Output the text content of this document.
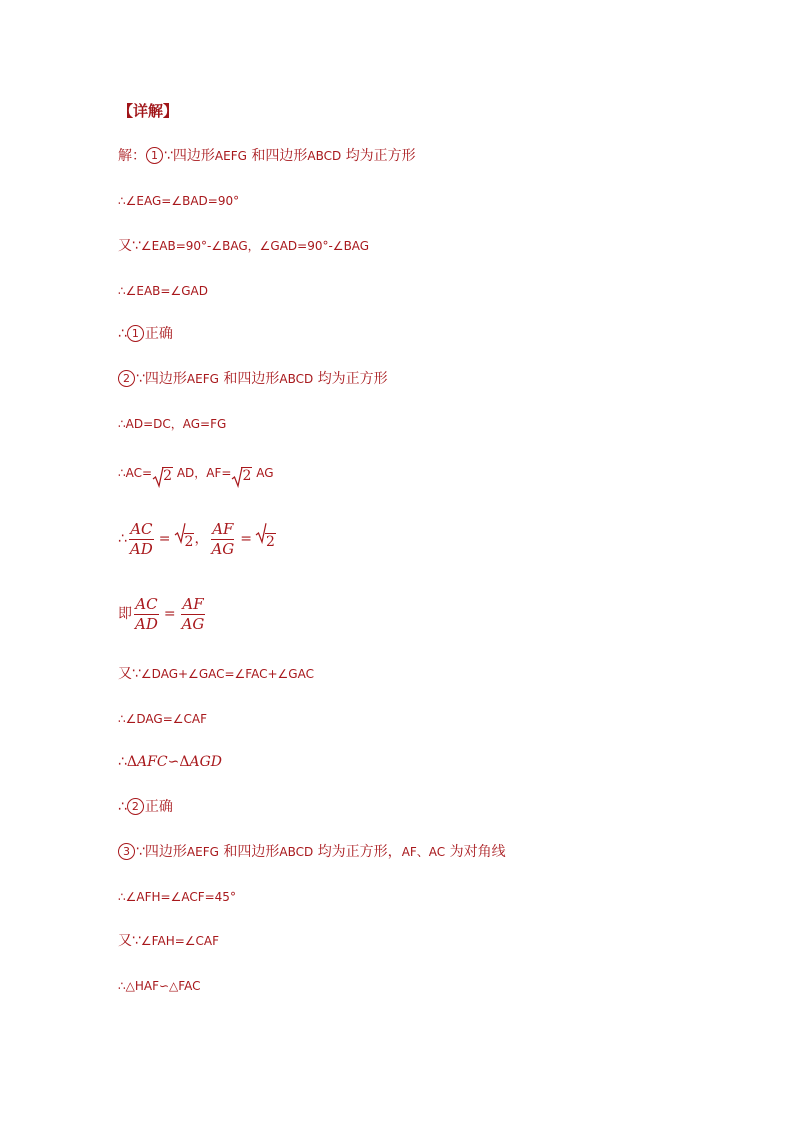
【详解】
解： 1 ∵四边形AEFG 和四边形ABCD 均为正方形
∴∠EAG=∠BAD=90°
又∵∠EAB=90°-∠BAG，∠GAD=90°-∠BAG
∴∠EAB=∠GAD
∴ 1 正确
2 ∵四边形AEFG 和四边形ABCD 均为正方形
∴AD=DC，AG=FG
∴AC= 2 AD，AF= 2 AG
∴ $\frac{AC}{AD} = 2$， $\frac{AF}{AG} = 2$
即 $\frac{AC}{AD} = \frac{AF}{AG}$
又∵∠DAG+∠GAC=∠FAC+∠GAC
∴∠DAG=∠CAF
∴ΔAFC∽ΔAGD
∴ 2 正确
3 ∵四边形AEFG 和四边形ABCD 均为正方形，AF、AC 为对角线
∴∠AFH=∠ACF=45°
又∵∠FAH=∠CAF
∴△HAF∽△FAC
